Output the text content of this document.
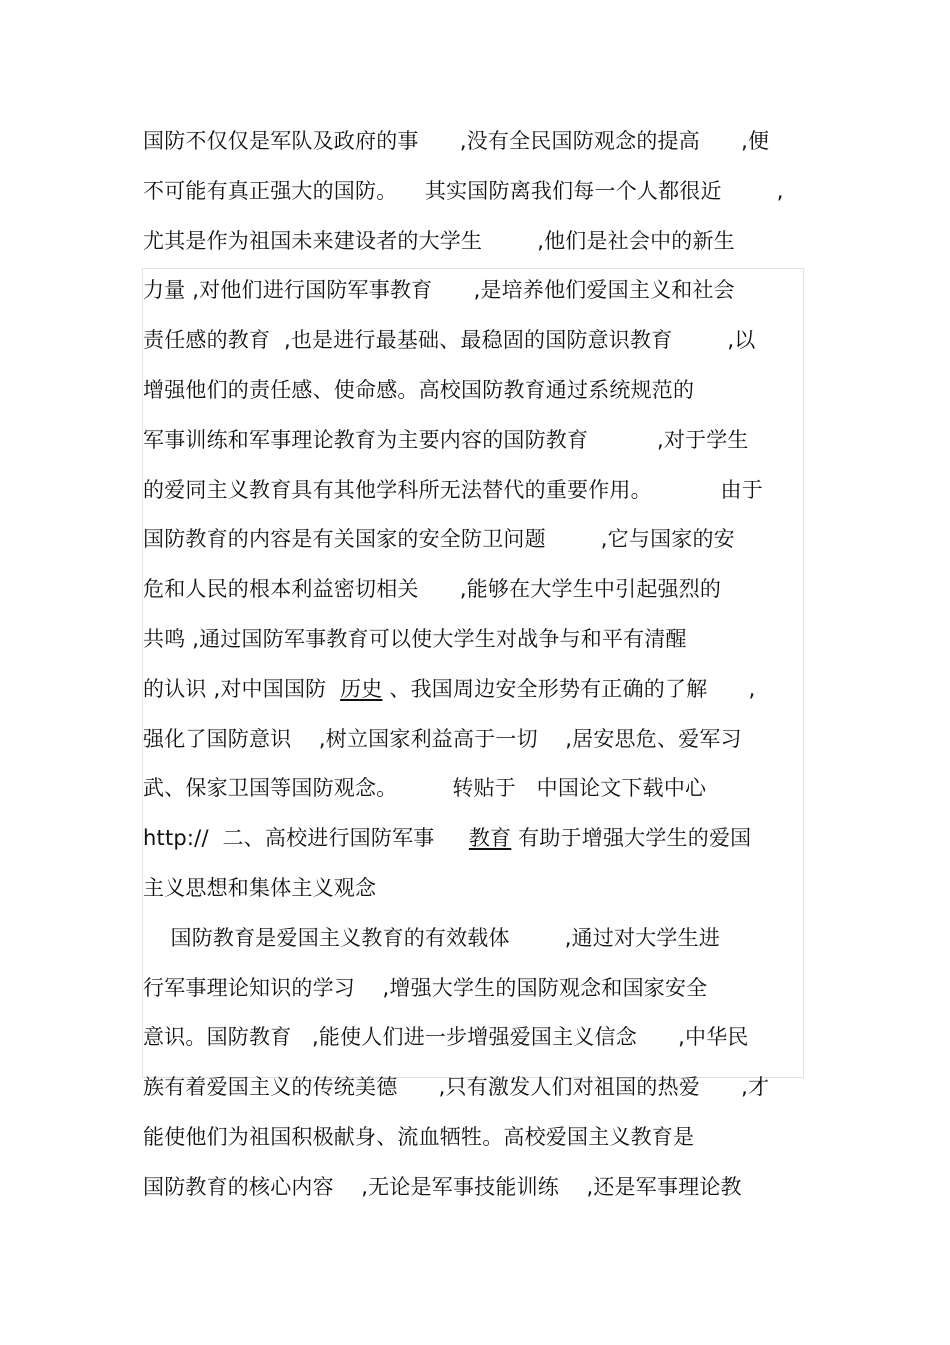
国防不仅仅是军队及政府的事      ,没有全民国防观念的提高      ,便
不可能有真正强大的国防。    其实国防离我们每一个人都很近        ,
尤其是作为祖国未来建设者的大学生        ,他们是社会中的新生
力量 ,对他们进行国防军事教育      ,是培养他们爱国主义和社会
责任感的教育  ,也是进行最基础、最稳固的国防意识教育        ,以
增强他们的责任感、使命感。高校国防教育通过系统规范的
军事训练和军事理论教育为主要内容的国防教育          ,对于学生
的爱同主义教育具有其他学科所无法替代的重要作用。          由于
国防教育的内容是有关国家的安全防卫问题        ,它与国家的安
危和人民的根本利益密切相关      ,能够在大学生中引起强烈的
共鸣 ,通过国防军事教育可以使大学生对战争与和平有清醒
的认识 ,对中国国防  历史 、我国周边安全形势有正确的了解      ,
强化了国防意识    ,树立国家利益高于一切    ,居安思危、爱军习
武、保家卫国等国防观念。        转贴于   中国论文下载中心
http://  二、高校进行国防军事     教育 有助于增强大学生的爱国
主义思想和集体主义观念
国防教育是爱国主义教育的有效载体        ,通过对大学生进
行军事理论知识的学习    ,增强大学生的国防观念和国家安全
意识。国防教育   ,能使人们进一步增强爱国主义信念      ,中华民
族有着爱国主义的传统美德      ,只有激发人们对祖国的热爱      ,才
能使他们为祖国积极献身、流血牺牲。高校爱国主义教育是
国防教育的核心内容    ,无论是军事技能训练    ,还是军事理论教
